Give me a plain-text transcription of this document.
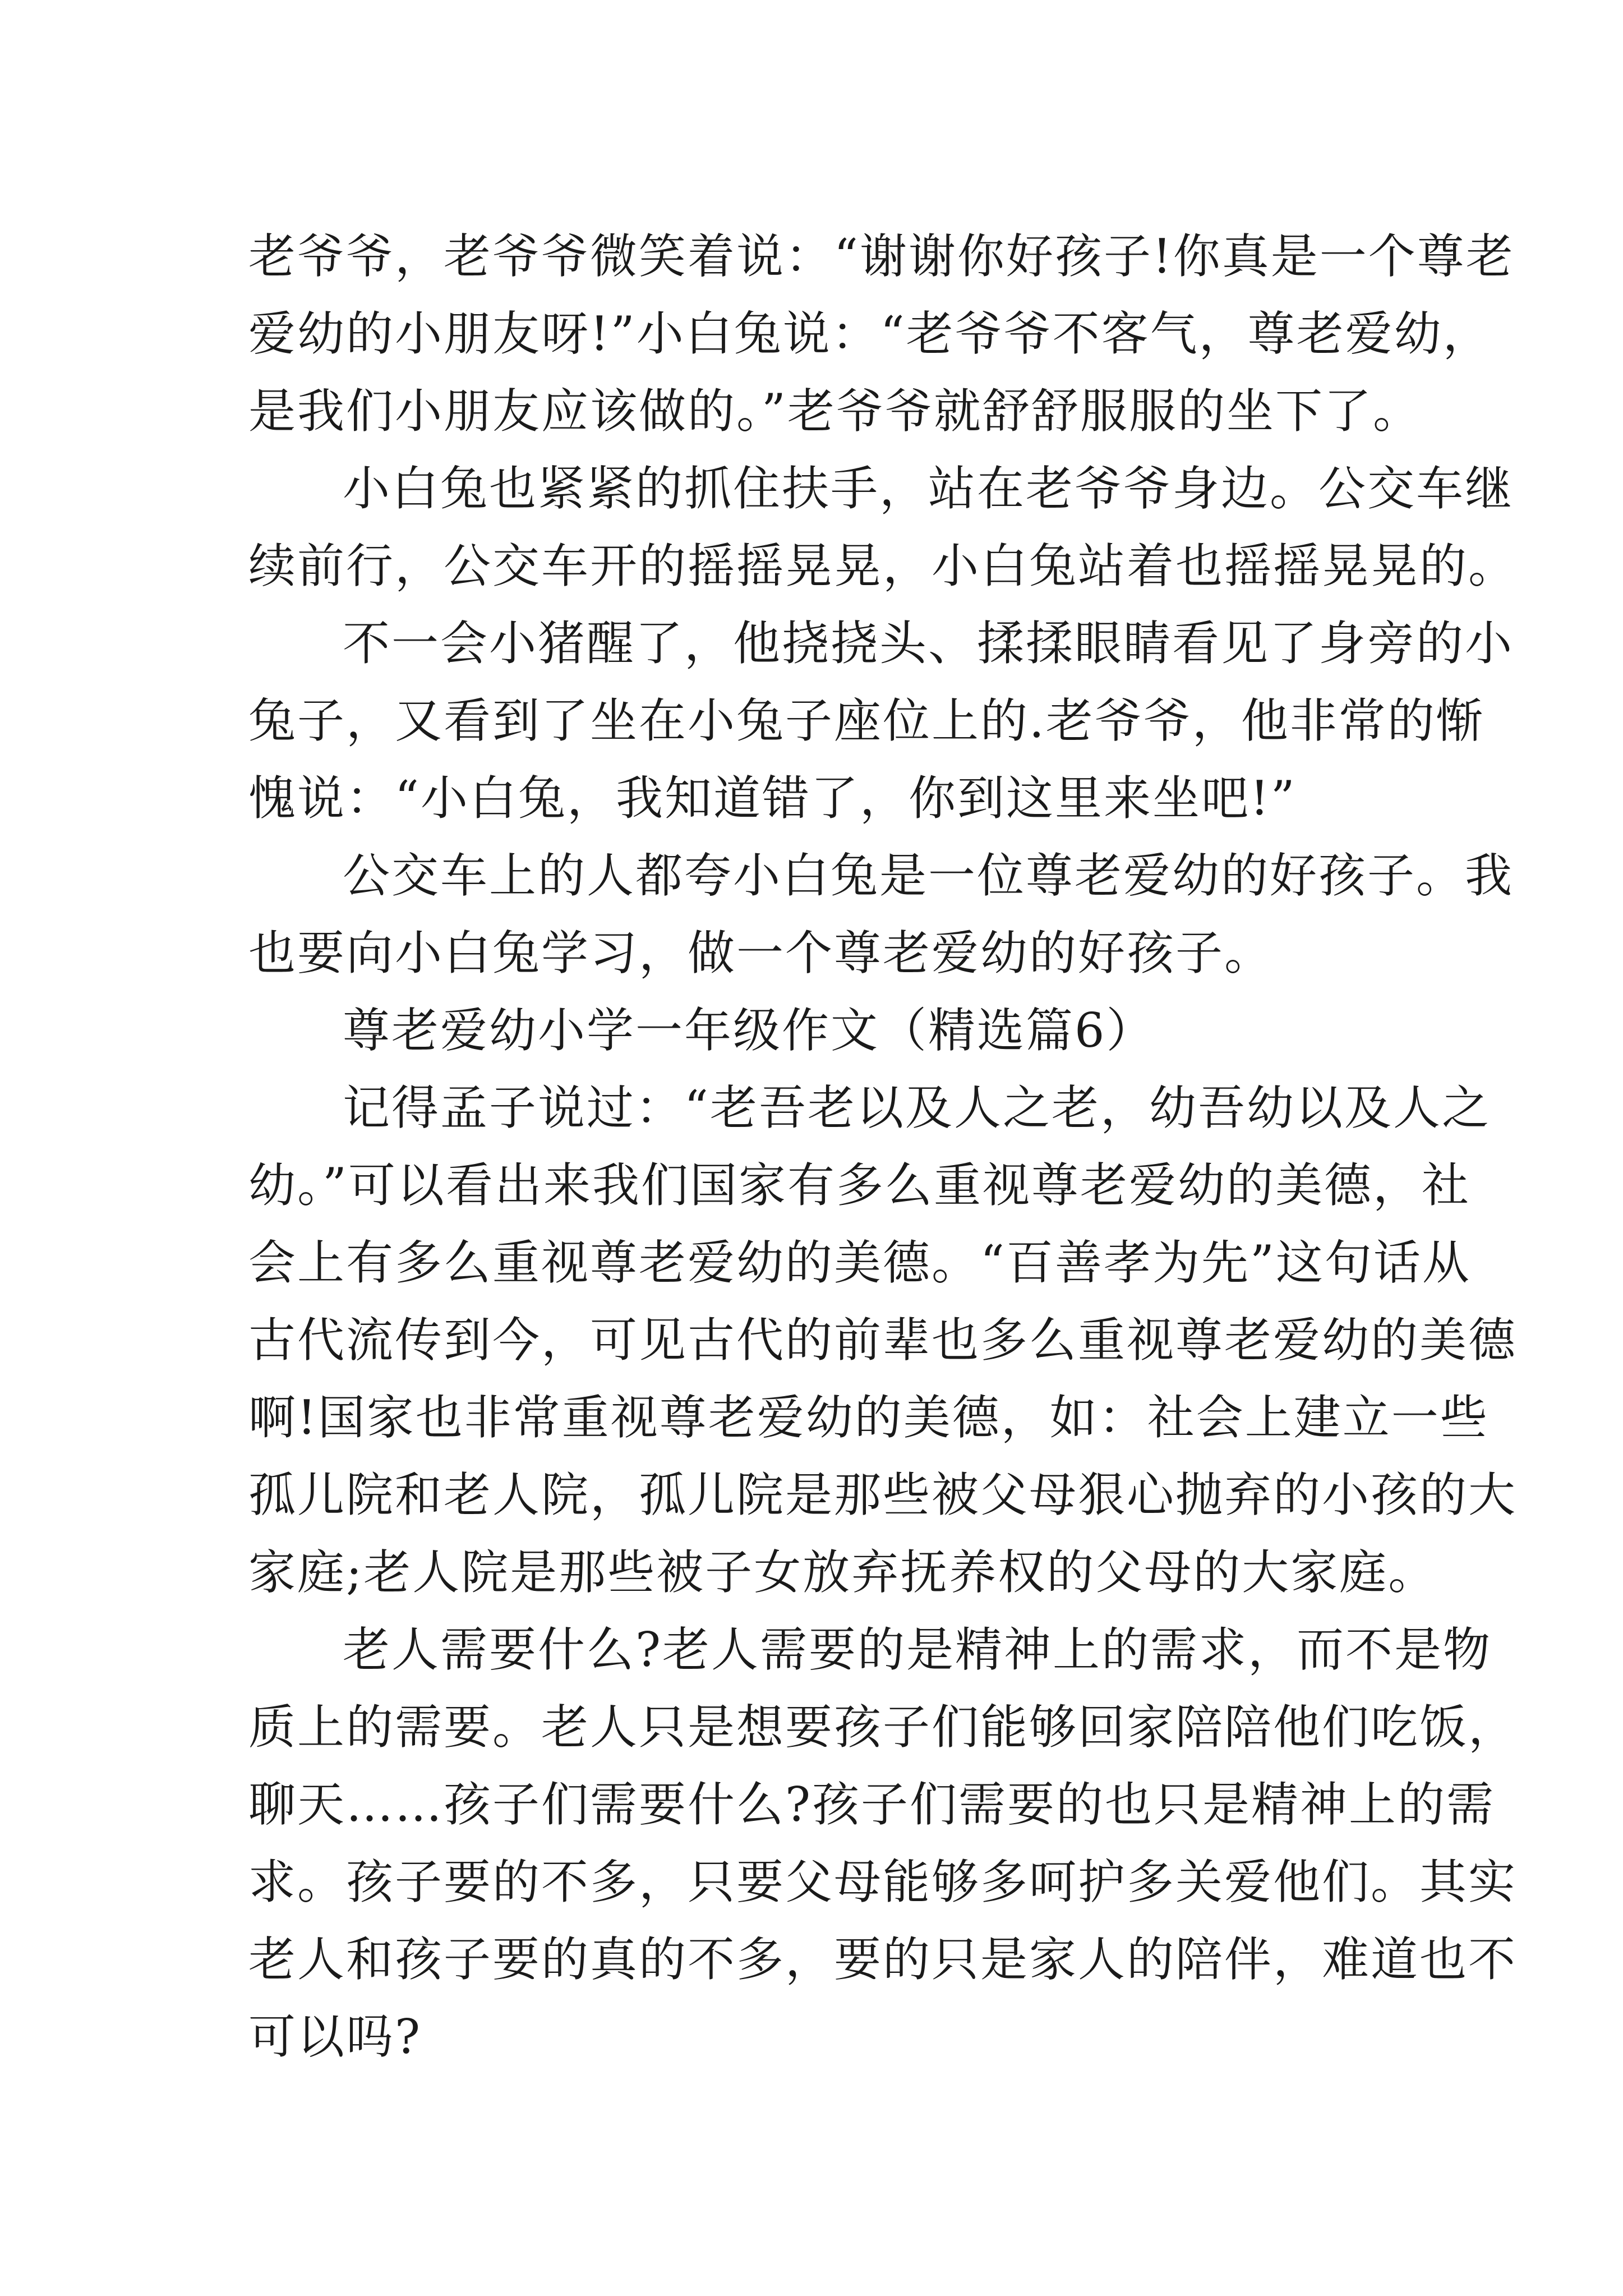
老爷爷，老爷爷微笑着说：“谢谢你好孩子!你真是一个尊老
爱幼的小朋友呀!”小白兔说：“老爷爷不客气，尊老爱幼，
是我们小朋友应该做的。”老爷爷就舒舒服服的坐下了。
小白兔也紧紧的抓住扶手，站在老爷爷身边。公交车继
续前行，公交车开的摇摇晃晃，小白兔站着也摇摇晃晃的。
不一会小猪醒了，他挠挠头、揉揉眼睛看见了身旁的小
兔子，又看到了坐在小兔子座位上的.老爷爷，他非常的惭
愧说：“小白兔，我知道错了，你到这里来坐吧!”
公交车上的人都夸小白兔是一位尊老爱幼的好孩子。我
也要向小白兔学习，做一个尊老爱幼的好孩子。
尊老爱幼小学一年级作文（精选篇6）
记得孟子说过：“老吾老以及人之老，幼吾幼以及人之
幼。”可以看出来我们国家有多么重视尊老爱幼的美德，社
会上有多么重视尊老爱幼的美德。“百善孝为先”这句话从
古代流传到今，可见古代的前辈也多么重视尊老爱幼的美德
啊!国家也非常重视尊老爱幼的美德，如：社会上建立一些
孤儿院和老人院，孤儿院是那些被父母狠心抛弃的小孩的大
家庭;老人院是那些被子女放弃抚养权的父母的大家庭。
老人需要什么?老人需要的是精神上的需求，而不是物
质上的需要。老人只是想要孩子们能够回家陪陪他们吃饭，
聊天……孩子们需要什么?孩子们需要的也只是精神上的需
求。孩子要的不多，只要父母能够多呵护多关爱他们。其实
老人和孩子要的真的不多，要的只是家人的陪伴，难道也不
可以吗?
